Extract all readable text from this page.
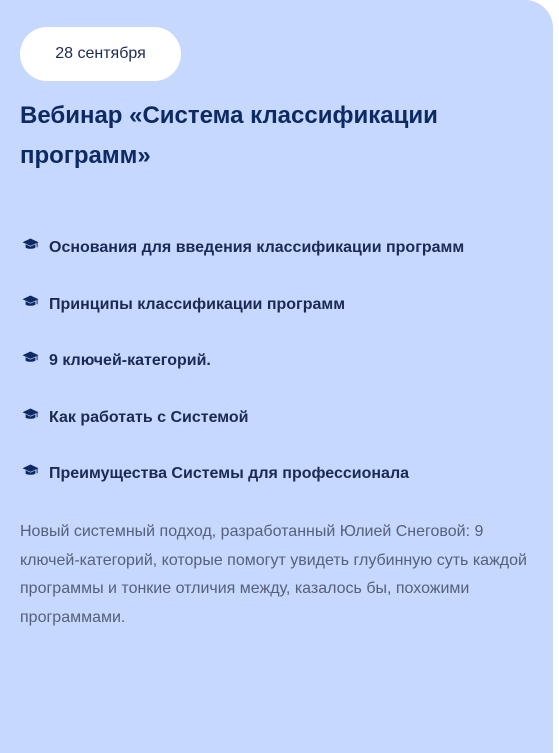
28 сентября
Вебинар «Система классификации программ»
Основания для введения классификации программ
Принципы классификации программ
9 ключей-категорий.
Как работать с Системой
Преимущества Системы для профессионала

Новый системный подход, разработанный Юлией Снеговой: 9 ключей-категорий, которые помогут увидеть глубинную суть каждой программы и тонкие отличия между, казалось бы, похожими программами.
